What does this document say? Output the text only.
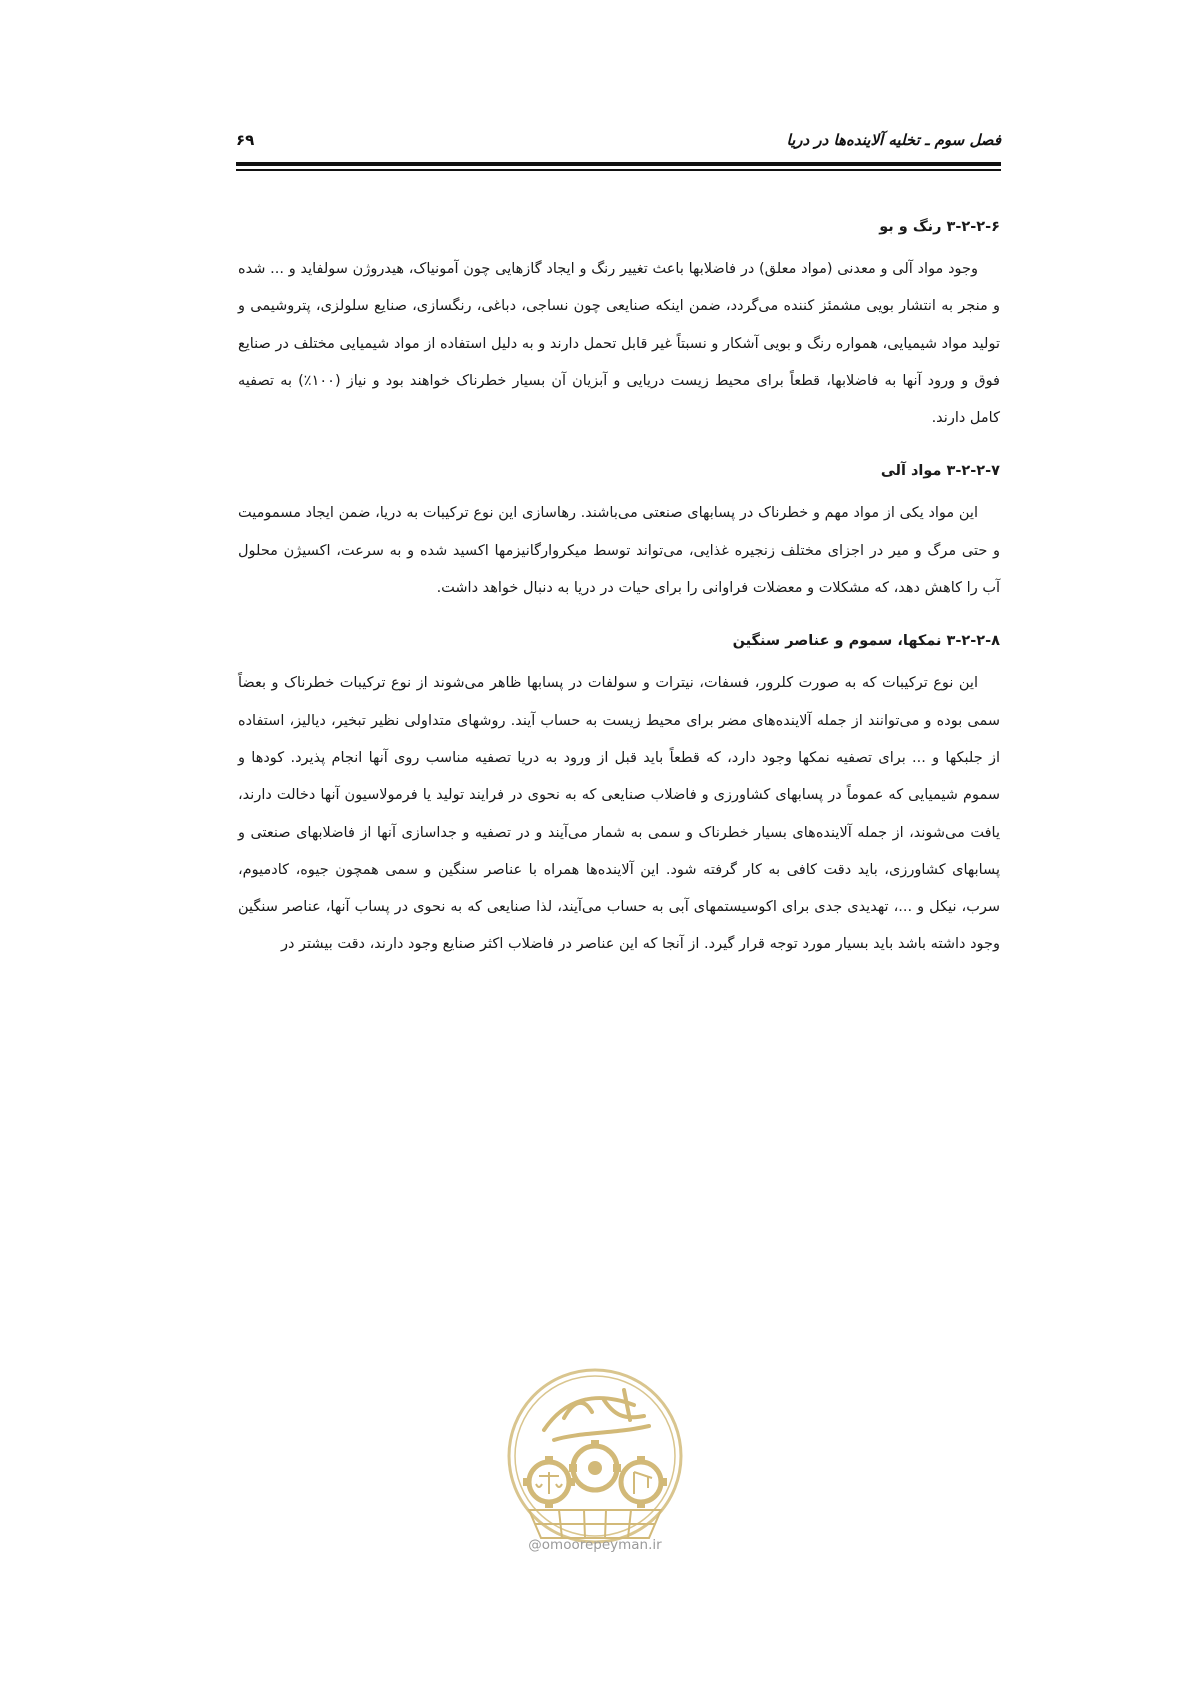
فصل سوم ـ تخلیه آلاینده‌ها در دریا
۶۹
۳-۲-۲-۶ رنگ و بو

وجود مواد آلی و معدنی (مواد معلق) در فاضلابها باعث تغییر رنگ و ایجاد گازهایی چون آمونیاک، هیدروژن سولفاید و ... شده و منجر به انتشار بویی مشمئز کننده می‌گردد، ضمن اینکه صنایعی چون نساجی، دباغی، رنگسازی، صنایع سلولزی، پتروشیمی و تولید مواد شیمیایی، همواره رنگ و بویی آشکار و نسبتاً غیر قابل تحمل دارند و به دلیل استفاده از مواد شیمیایی مختلف در صنایع فوق و ورود آنها به فاضلابها، قطعاً برای محیط زیست دریایی و آبزیان آن بسیار خطرناک خواهند بود و نیاز (۱۰۰٪) به تصفیه کامل دارند.

۳-۲-۲-۷ مواد آلی

این مواد یکی از مواد مهم و خطرناک در پسابهای صنعتی می‌باشند. رهاسازی این نوع ترکیبات به دریا، ضمن ایجاد مسمومیت و حتی مرگ و میر در اجزای مختلف زنجیره غذایی، می‌تواند توسط میکروارگانیزمها اکسید شده و به سرعت، اکسیژن محلول آب را کاهش دهد، که مشکلات و معضلات فراوانی را برای حیات در دریا به دنبال خواهد داشت.

۳-۲-۲-۸ نمکها، سموم و عناصر سنگین

این نوع ترکیبات که به صورت کلرور، فسفات، نیترات و سولفات در پسابها ظاهر می‌شوند از نوع ترکیبات خطرناک و بعضاً سمی بوده و می‌توانند از جمله آلاینده‌های مضر برای محیط زیست به حساب آیند. روشهای متداولی نظیر تبخیر، دیالیز، استفاده از جلبکها و ... برای تصفیه نمکها وجود دارد، که قطعاً باید قبل از ورود به دریا تصفیه مناسب روی آنها انجام پذیرد. کودها و سموم شیمیایی که عموماً در پسابهای کشاورزی و فاضلاب صنایعی که به نحوی در فرایند تولید یا فرمولاسیون آنها دخالت دارند، یافت می‌شوند، از جمله آلاینده‌های بسیار خطرناک و سمی به شمار می‌آیند و در تصفیه و جداسازی آنها از فاضلابهای صنعتی و پسابهای کشاورزی، باید دقت کافی به کار گرفته شود. این آلاینده‌ها همراه با عناصر سنگین و سمی همچون جیوه، کادمیوم، سرب، نیکل و ...، تهدیدی جدی برای اکوسیستمهای آبی به حساب می‌آیند، لذا صنایعی که به نحوی در پساب آنها، عناصر سنگین وجود داشته باشد باید بسیار مورد توجه قرار گیرد. از آنجا که این عناصر در فاضلاب اکثر صنایع وجود دارند، دقت بیشتر در

@omoorepeyman.ir
